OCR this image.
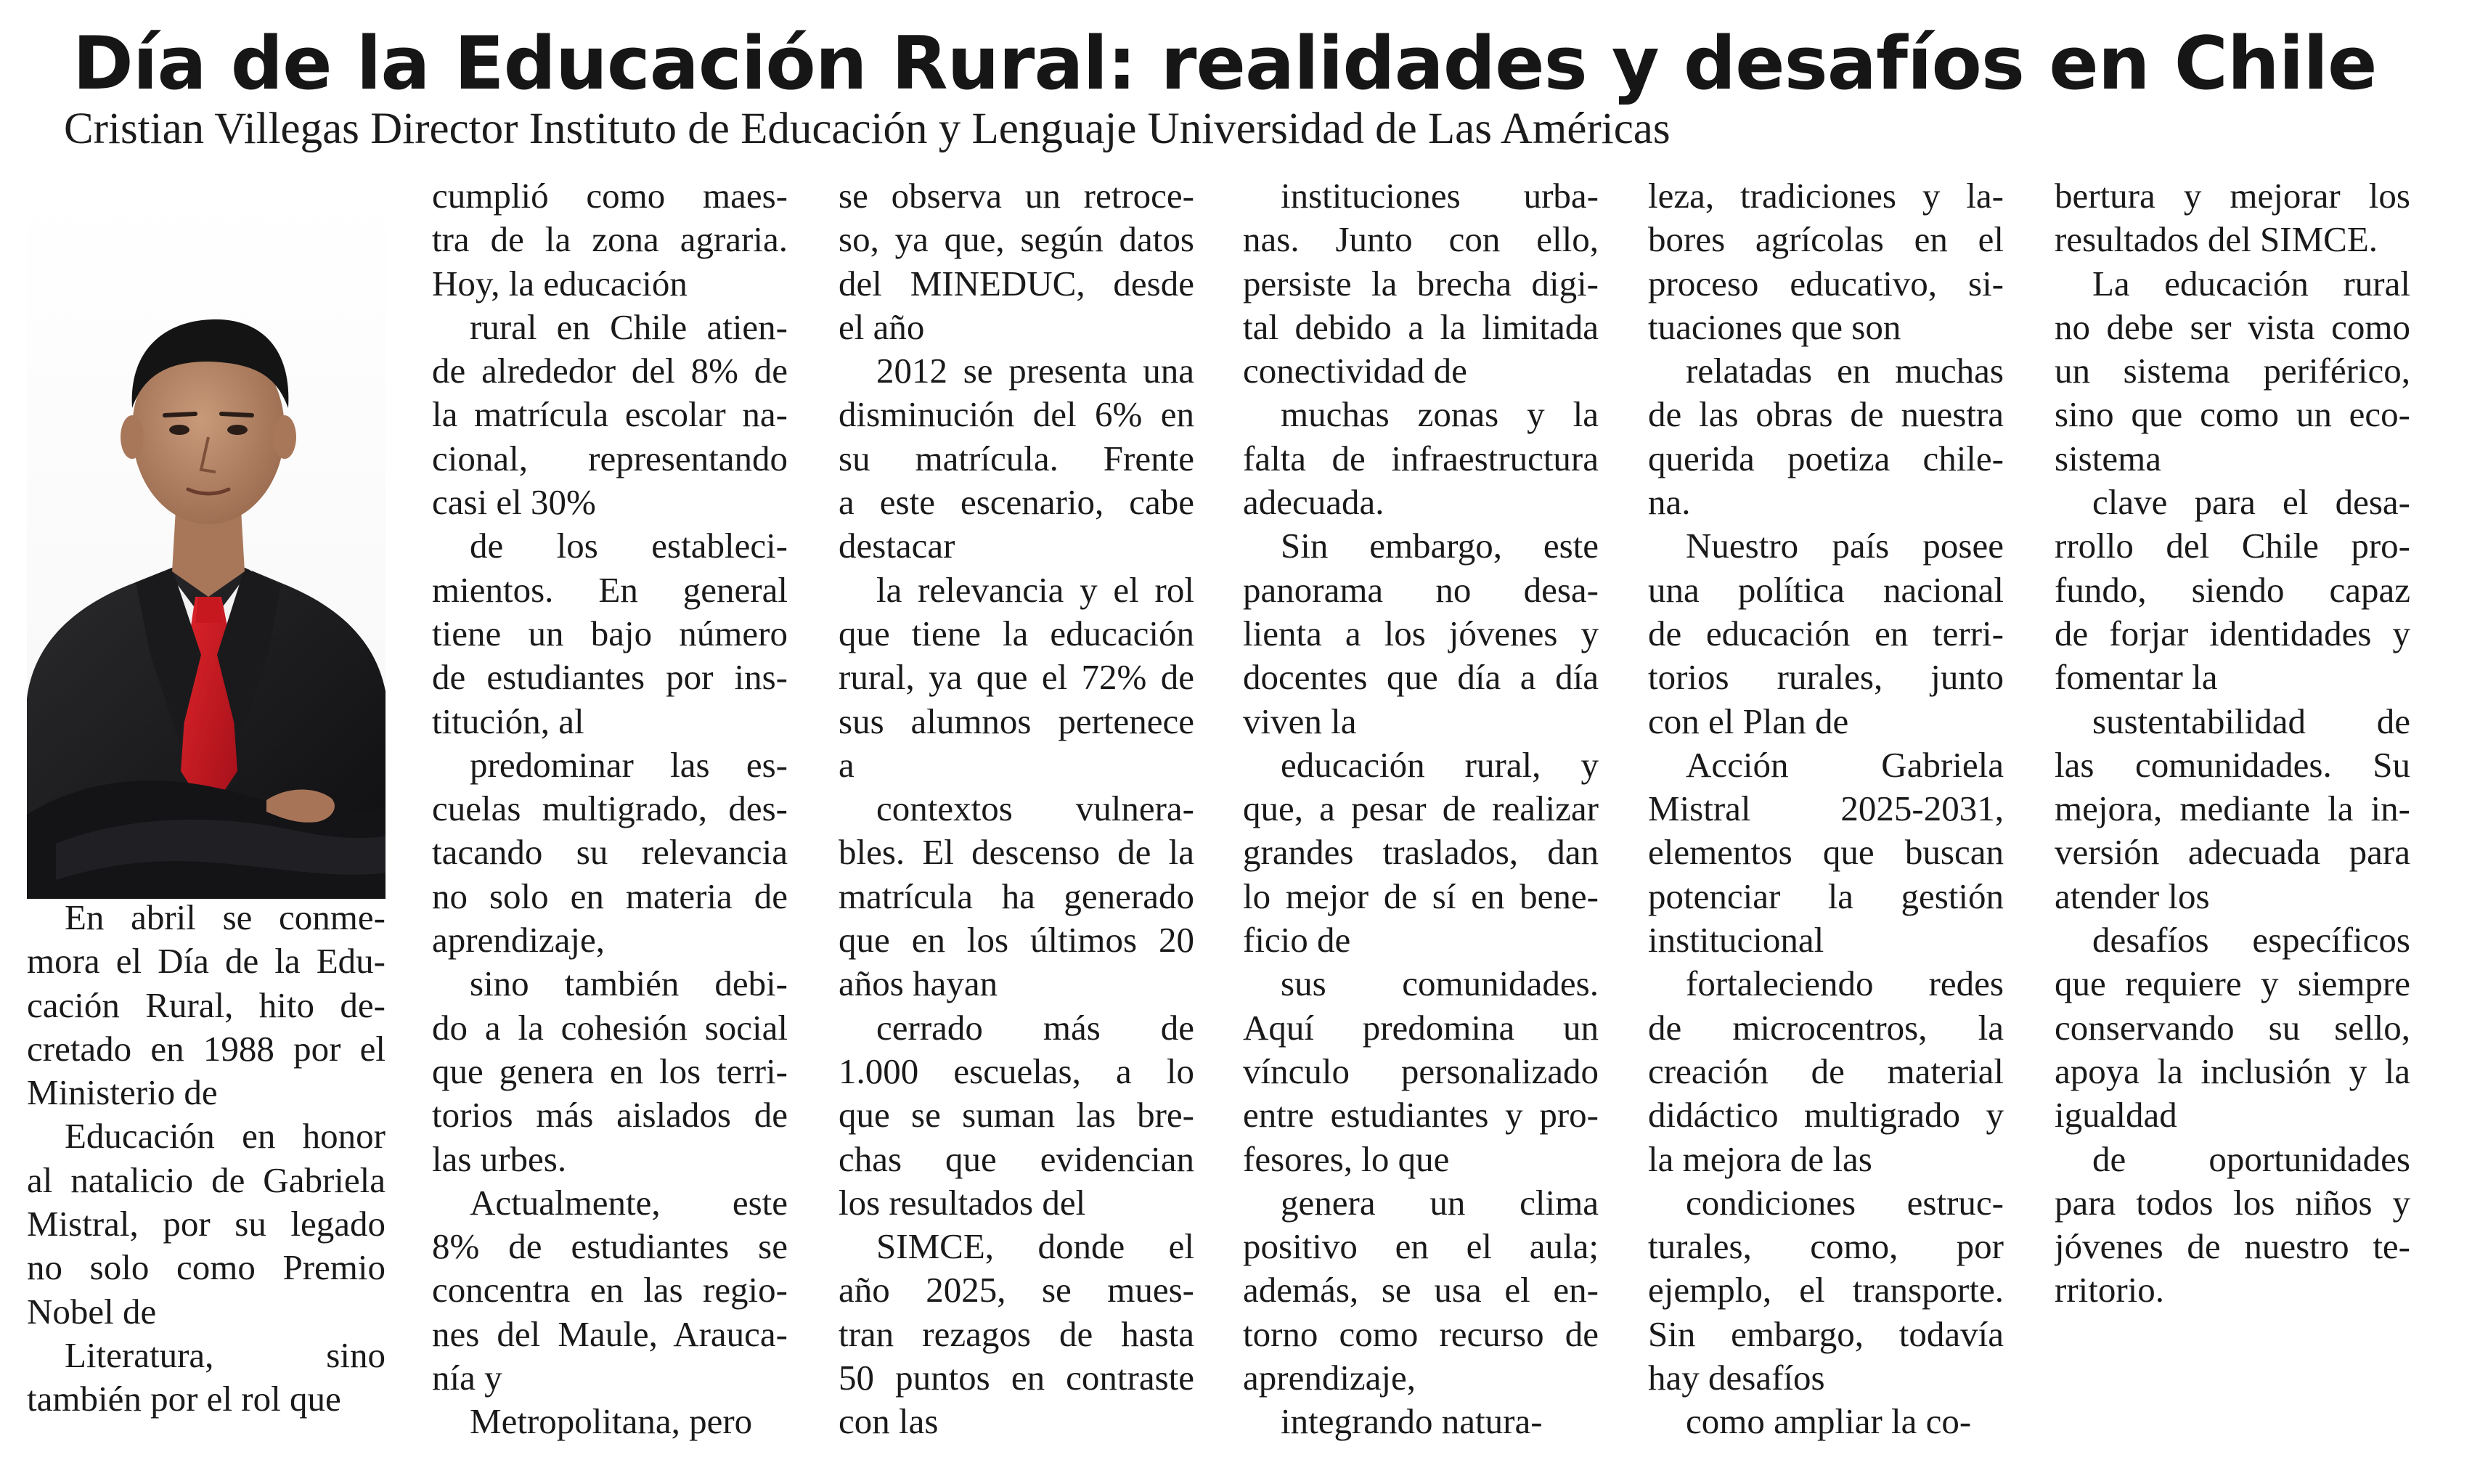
Día de la Educación Rural: realidades y desafíos en Chile

Cristian Villegas Director Instituto de Educación y Lenguaje Universidad de Las Américas

En abril se conme-
mora el Día de la Edu-
cación Rural, hito de-
cretado en 1988 por el
Ministerio de
Educación en honor
al natalicio de Gabriela
Mistral, por su legado
no solo como Premio
Nobel de
Literatura, sino
también por el rol que
cumplió como maes-
tra de la zona agraria.
Hoy, la educación
rural en Chile atien-
de alrededor del 8% de
la matrícula escolar na-
cional, representando
casi el 30%
de los estableci-
mientos. En general
tiene un bajo número
de estudiantes por ins-
titución, al
predominar las es-
cuelas multigrado, des-
tacando su relevancia
no solo en materia de
aprendizaje,
sino también debi-
do a la cohesión social
que genera en los terri-
torios más aislados de
las urbes.
Actualmente, este
8% de estudiantes se
concentra en las regio-
nes del Maule, Arauca-
nía y
Metropolitana, pero
se observa un retroce-
so, ya que, según datos
del MINEDUC, desde
el año
2012 se presenta una
disminución del 6% en
su matrícula. Frente
a este escenario, cabe
destacar
la relevancia y el rol
que tiene la educación
rural, ya que el 72% de
sus alumnos pertenece
a
contextos vulnera-
bles. El descenso de la
matrícula ha generado
que en los últimos 20
años hayan
cerrado más de
1.000 escuelas, a lo
que se suman las bre-
chas que evidencian
los resultados del
SIMCE, donde el
año 2025, se mues-
tran rezagos de hasta
50 puntos en contraste
con las
instituciones urba-
nas. Junto con ello,
persiste la brecha digi-
tal debido a la limitada
conectividad de
muchas zonas y la
falta de infraestructura
adecuada.
Sin embargo, este
panorama no desa-
lienta a los jóvenes y
docentes que día a día
viven la
educación rural, y
que, a pesar de realizar
grandes traslados, dan
lo mejor de sí en bene-
ficio de
sus comunidades.
Aquí predomina un
vínculo personalizado
entre estudiantes y pro-
fesores, lo que
genera un clima
positivo en el aula;
además, se usa el en-
torno como recurso de
aprendizaje,
integrando natura-
leza, tradiciones y la-
bores agrícolas en el
proceso educativo, si-
tuaciones que son
relatadas en muchas
de las obras de nuestra
querida poetiza chile-
na.
Nuestro país posee
una política nacional
de educación en terri-
torios rurales, junto
con el Plan de
Acción Gabriela
Mistral 2025-2031,
elementos que buscan
potenciar la gestión
institucional
fortaleciendo redes
de microcentros, la
creación de material
didáctico multigrado y
la mejora de las
condiciones estruc-
turales, como, por
ejemplo, el transporte.
Sin embargo, todavía
hay desafíos
como ampliar la co-
bertura y mejorar los
resultados del SIMCE.
La educación rural
no debe ser vista como
un sistema periférico,
sino que como un eco-
sistema
clave para el desa-
rrollo del Chile pro-
fundo, siendo capaz
de forjar identidades y
fomentar la
sustentabilidad de
las comunidades. Su
mejora, mediante la in-
versión adecuada para
atender los
desafíos específicos
que requiere y siempre
conservando su sello,
apoya la inclusión y la
igualdad
de oportunidades
para todos los niños y
jóvenes de nuestro te-
rritorio.
